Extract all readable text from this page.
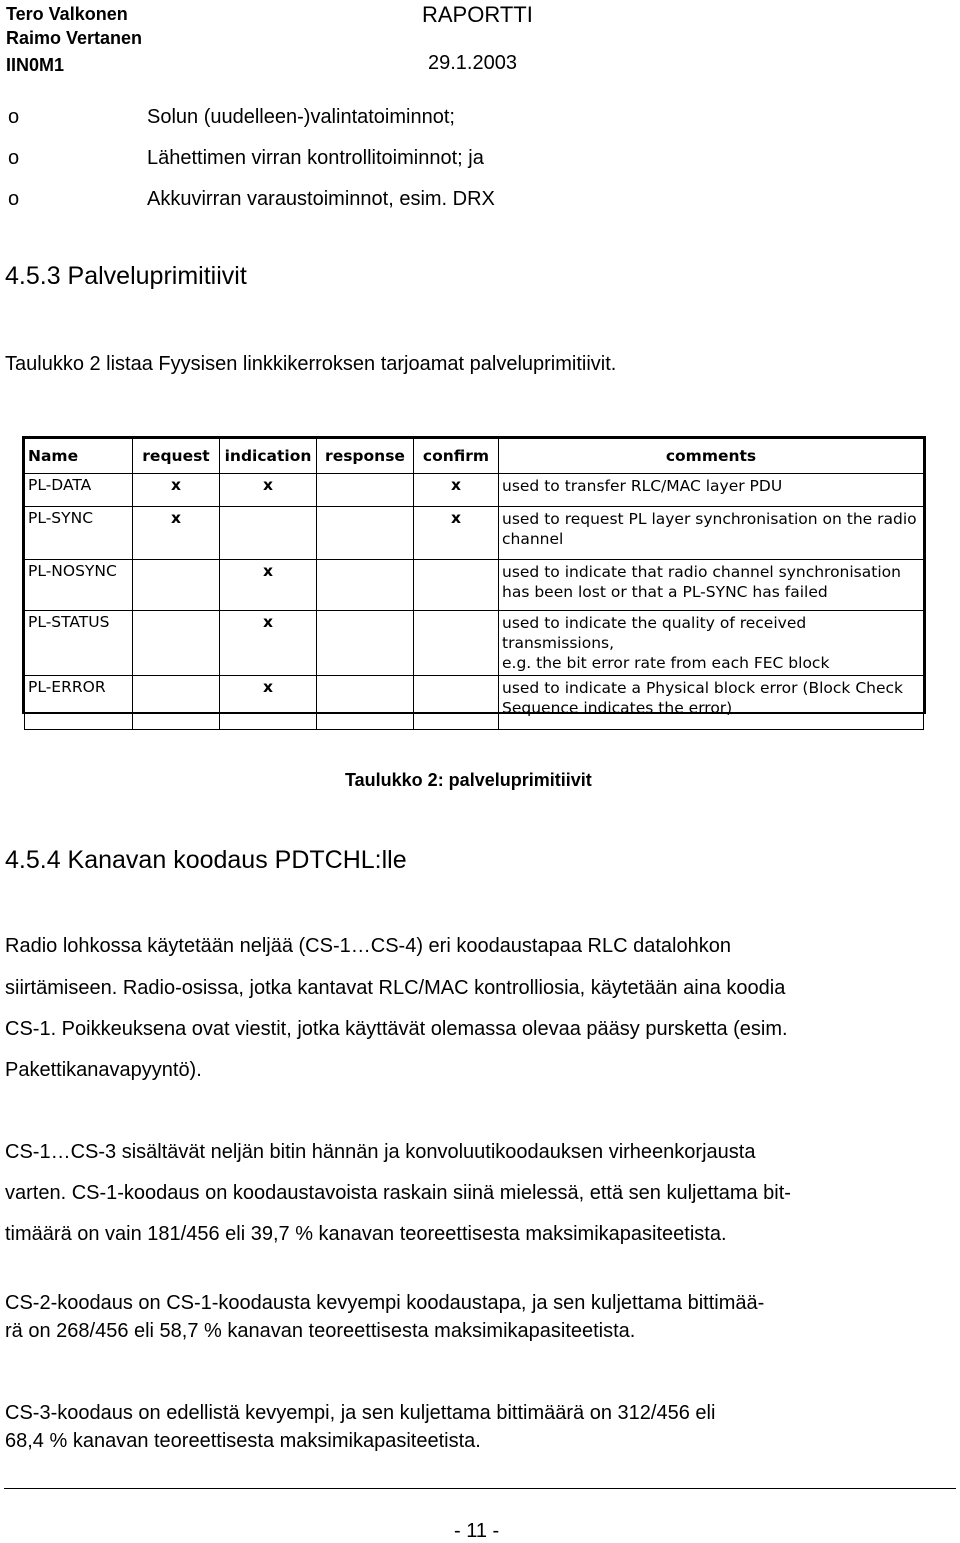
Tero Valkonen
Raimo Vertanen
IIN0M1
RAPORTTI
29.1.2003
o	Solun (uudelleen-)valintatoiminnot;
o	Lähettimen virran kontrollitoiminnot; ja
o	Akkuvirran varaustoiminnot, esim. DRX
4.5.3 Palveluprimitiivit
Taulukko 2 listaa Fyysisen linkkikerroksen tarjoamat palveluprimitiivit.
Name	request	indication	response	confirm	comments
PL-DATA	x	x		x	used to transfer RLC/MAC layer PDU

PL-SYNC	x			x	used to request PL layer synchronisation on the radio
channel

PL-NOSYNC		x			used to indicate that radio channel synchronisation
has been lost or that a PL-SYNC has failed

PL-STATUS		x			used to indicate the quality of received transmissions,
e.g. the bit error rate from each FEC block

PL-ERROR		x			used to indicate a Physical block error (Block Check
Sequence indicates the error)
Taulukko 2: palveluprimitiivit
4.5.4 Kanavan koodaus PDTCHL:lle
Radio lohkossa käytetään neljää (CS-1…CS-4) eri koodaustapaa RLC datalohkon
siirtämiseen. Radio-osissa, jotka kantavat RLC/MAC kontrolliosia, käytetään aina koodia
CS-1. Poikkeuksena ovat viestit, jotka käyttävät olemassa olevaa pääsy pursketta (esim.
Pakettikanavapyyntö).
CS-1…CS-3 sisältävät neljän bitin hännän ja konvoluutikoodauksen virheenkorjausta
varten. CS-1-koodaus on koodaustavoista raskain siinä mielessä, että sen kuljettama bit-
timäärä on vain 181/456 eli 39,7 % kanavan teoreettisesta maksimikapasiteetista.
CS-2-koodaus on CS-1-koodausta kevyempi koodaustapa, ja sen kuljettama bittimää-
rä on 268/456 eli 58,7 % kanavan teoreettisesta maksimikapasiteetista.
CS-3-koodaus on edellistä kevyempi, ja sen kuljettama bittimäärä on 312/456 eli
68,4 % kanavan teoreettisesta maksimikapasiteetista.
- 11 -
